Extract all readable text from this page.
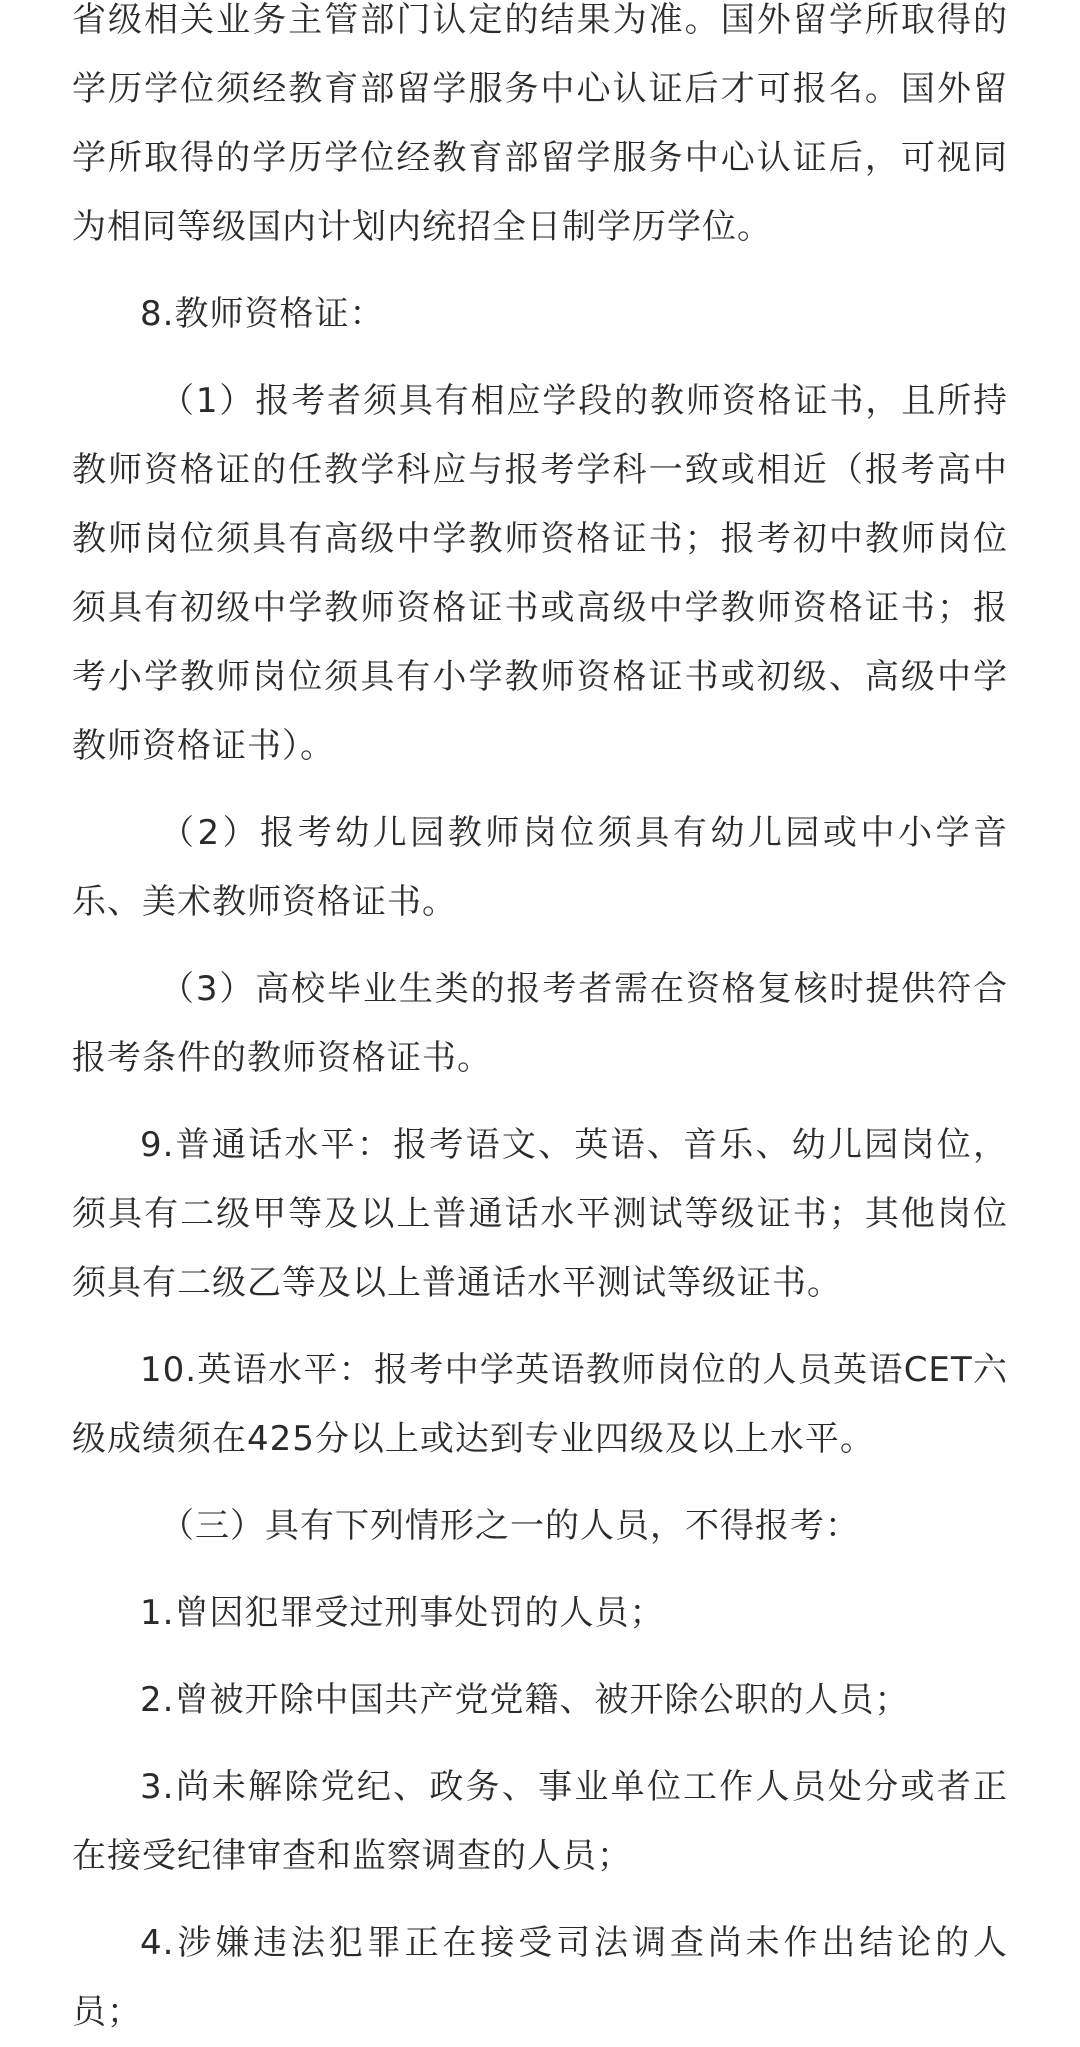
省级相关业务主管部门认定的结果为准。国外留学所取得的学历学位须经教育部留学服务中心认证后才可报名。国外留学所取得的学历学位经教育部留学服务中心认证后，可视同为相同等级国内计划内统招全日制学历学位。

8.教师资格证：

（1）报考者须具有相应学段的教师资格证书，且所持教师资格证的任教学科应与报考学科一致或相近（报考高中教师岗位须具有高级中学教师资格证书；报考初中教师岗位须具有初级中学教师资格证书或高级中学教师资格证书；报考小学教师岗位须具有小学教师资格证书或初级、高级中学教师资格证书）。

（2）报考幼儿园教师岗位须具有幼儿园或中小学音乐、美术教师资格证书。

（3）高校毕业生类的报考者需在资格复核时提供符合报考条件的教师资格证书。

9.普通话水平：报考语文、英语、音乐、幼儿园岗位，须具有二级甲等及以上普通话水平测试等级证书；其他岗位须具有二级乙等及以上普通话水平测试等级证书。

10.英语水平：报考中学英语教师岗位的人员英语CET六级成绩须在425分以上或达到专业四级及以上水平。

（三）具有下列情形之一的人员，不得报考：

1.曾因犯罪受过刑事处罚的人员；

2.曾被开除中国共产党党籍、被开除公职的人员；

3.尚未解除党纪、政务、事业单位工作人员处分或者正在接受纪律审查和监察调查的人员；

4.涉嫌违法犯罪正在接受司法调查尚未作出结论的人员；
